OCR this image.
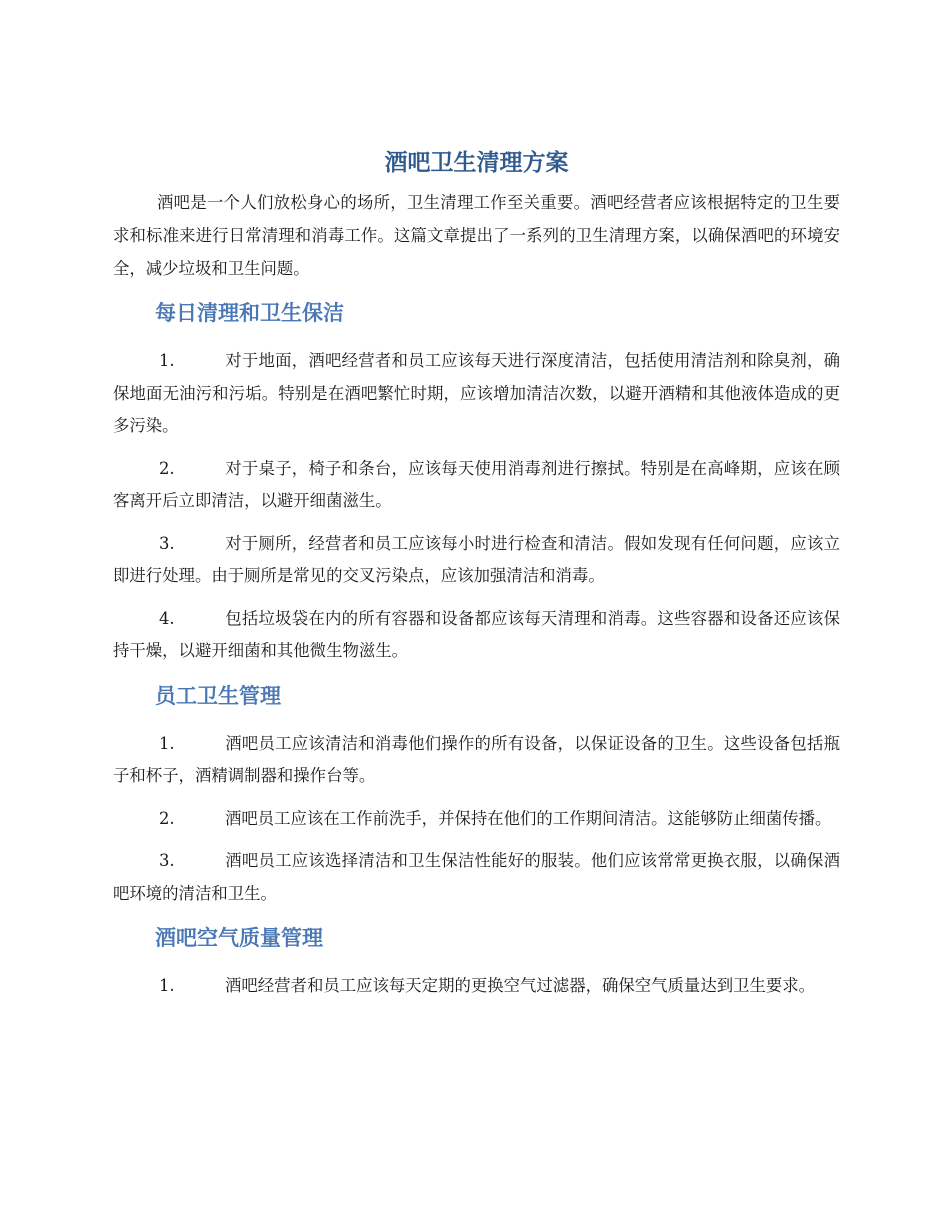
酒吧卫生清理方案

酒吧是一个人们放松身心的场所，卫生清理工作至关重要。酒吧经营者应该根据特定的卫生要求和标准来进行日常清理和消毒工作。这篇文章提出了一系列的卫生清理方案，以确保酒吧的环境安全，减少垃圾和卫生问题。

每日清理和卫生保洁

1.	对于地面，酒吧经营者和员工应该每天进行深度清洁，包括使用清洁剂和除臭剂，确保地面无油污和污垢。特别是在酒吧繁忙时期，应该增加清洁次数，以避开酒精和其他液体造成的更多污染。

2.	对于桌子，椅子和条台，应该每天使用消毒剂进行擦拭。特别是在高峰期，应该在顾客离开后立即清洁，以避开细菌滋生。

3.	对于厕所，经营者和员工应该每小时进行检查和清洁。假如发现有任何问题，应该立即进行处理。由于厕所是常见的交叉污染点，应该加强清洁和消毒。

4.	包括垃圾袋在内的所有容器和设备都应该每天清理和消毒。这些容器和设备还应该保持干燥，以避开细菌和其他微生物滋生。

员工卫生管理

1.	酒吧员工应该清洁和消毒他们操作的所有设备，以保证设备的卫生。这些设备包括瓶子和杯子，酒精调制器和操作台等。

2.	酒吧员工应该在工作前洗手，并保持在他们的工作期间清洁。这能够防止细菌传播。

3.	酒吧员工应该选择清洁和卫生保洁性能好的服装。他们应该常常更换衣服，以确保酒吧环境的清洁和卫生。

酒吧空气质量管理

1.	酒吧经营者和员工应该每天定期的更换空气过滤器，确保空气质量达到卫生要求。
